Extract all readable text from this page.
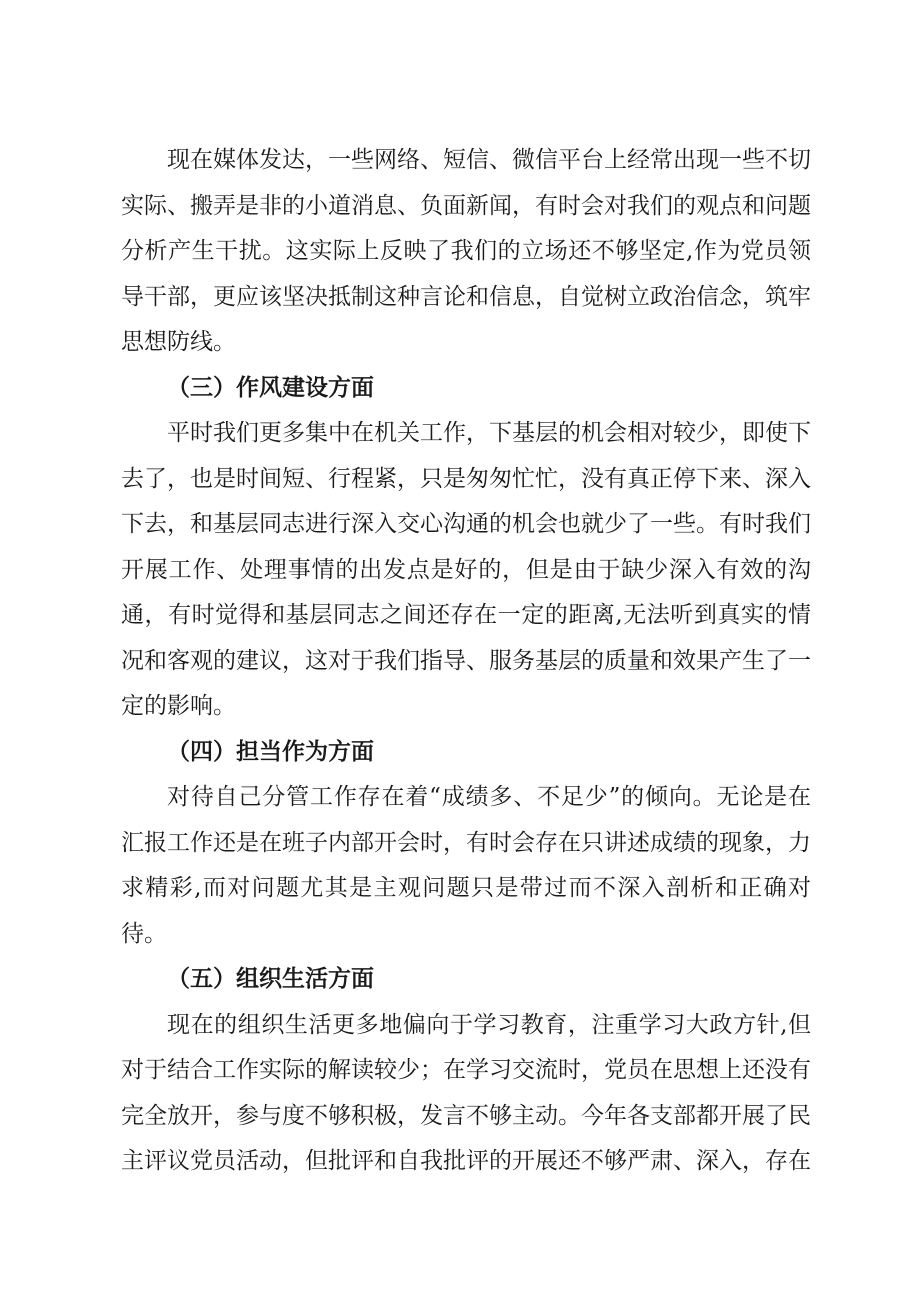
现在媒体发达，一些网络、短信、微信平台上经常出现一些不切实际、搬弄是非的小道消息、负面新闻，有时会对我们的观点和问题分析产生干扰。这实际上反映了我们的立场还不够坚定,作为党员领导干部，更应该坚决抵制这种言论和信息，自觉树立政治信念，筑牢思想防线。

（三）作风建设方面

平时我们更多集中在机关工作，下基层的机会相对较少，即使下去了，也是时间短、行程紧，只是匆匆忙忙，没有真正停下来、深入下去，和基层同志进行深入交心沟通的机会也就少了一些。有时我们开展工作、处理事情的出发点是好的，但是由于缺少深入有效的沟通，有时觉得和基层同志之间还存在一定的距离,无法听到真实的情况和客观的建议，这对于我们指导、服务基层的质量和效果产生了一定的影响。

（四）担当作为方面

对待自己分管工作存在着“成绩多、不足少”的倾向。无论是在汇报工作还是在班子内部开会时，有时会存在只讲述成绩的现象，力求精彩,而对问题尤其是主观问题只是带过而不深入剖析和正确对待。

（五）组织生活方面

现在的组织生活更多地偏向于学习教育，注重学习大政方针,但对于结合工作实际的解读较少；在学习交流时，党员在思想上还没有完全放开，参与度不够积极，发言不够主动。今年各支部都开展了民主评议党员活动，但批评和自我批评的开展还不够严肃、深入，存在
